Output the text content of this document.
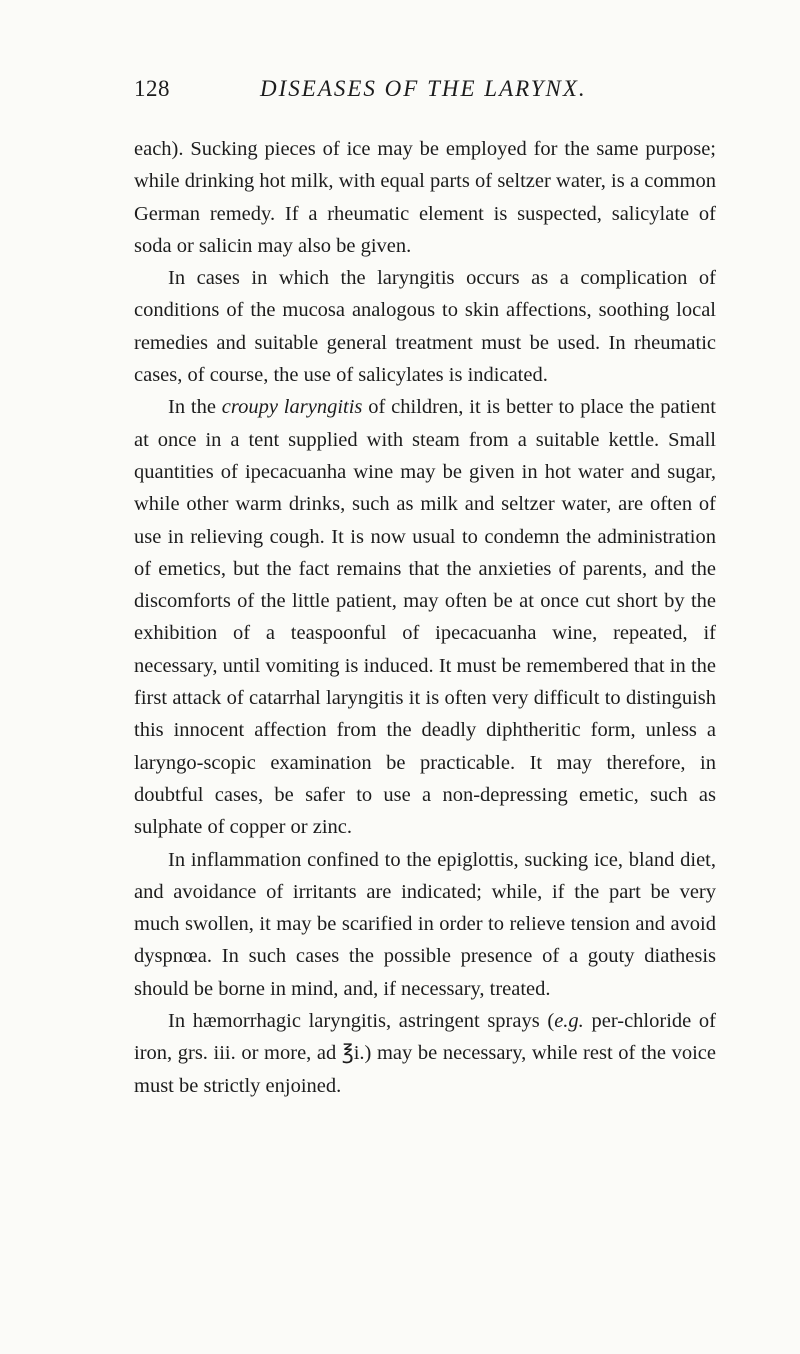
128	DISEASES OF THE LARYNX.

each). Sucking pieces of ice may be employed for the same purpose; while drinking hot milk, with equal parts of seltzer water, is a common German remedy. If a rheumatic element is suspected, salicylate of soda or salicin may also be given.

In cases in which the laryngitis occurs as a complication of conditions of the mucosa analogous to skin affections, soothing local remedies and suitable general treatment must be used. In rheumatic cases, of course, the use of salicylates is indicated.

In the croupy laryngitis of children, it is better to place the patient at once in a tent supplied with steam from a suitable kettle. Small quantities of ipecacuanha wine may be given in hot water and sugar, while other warm drinks, such as milk and seltzer water, are often of use in relieving cough. It is now usual to condemn the administration of emetics, but the fact remains that the anxieties of parents, and the discomforts of the little patient, may often be at once cut short by the exhibition of a teaspoonful of ipecacuanha wine, repeated, if necessary, until vomiting is induced. It must be remembered that in the first attack of catarrhal laryngitis it is often very difficult to distinguish this innocent affection from the deadly diphtheritic form, unless a laryngo-scopic examination be practicable. It may therefore, in doubtful cases, be safer to use a non-depressing emetic, such as sulphate of copper or zinc.

In inflammation confined to the epiglottis, sucking ice, bland diet, and avoidance of irritants are indicated; while, if the part be very much swollen, it may be scarified in order to relieve tension and avoid dyspnœa. In such cases the possible presence of a gouty diathesis should be borne in mind, and, if necessary, treated.

In hæmorrhagic laryngitis, astringent sprays (e.g. per-chloride of iron, grs. iii. or more, ad ℥i.) may be necessary, while rest of the voice must be strictly enjoined.
